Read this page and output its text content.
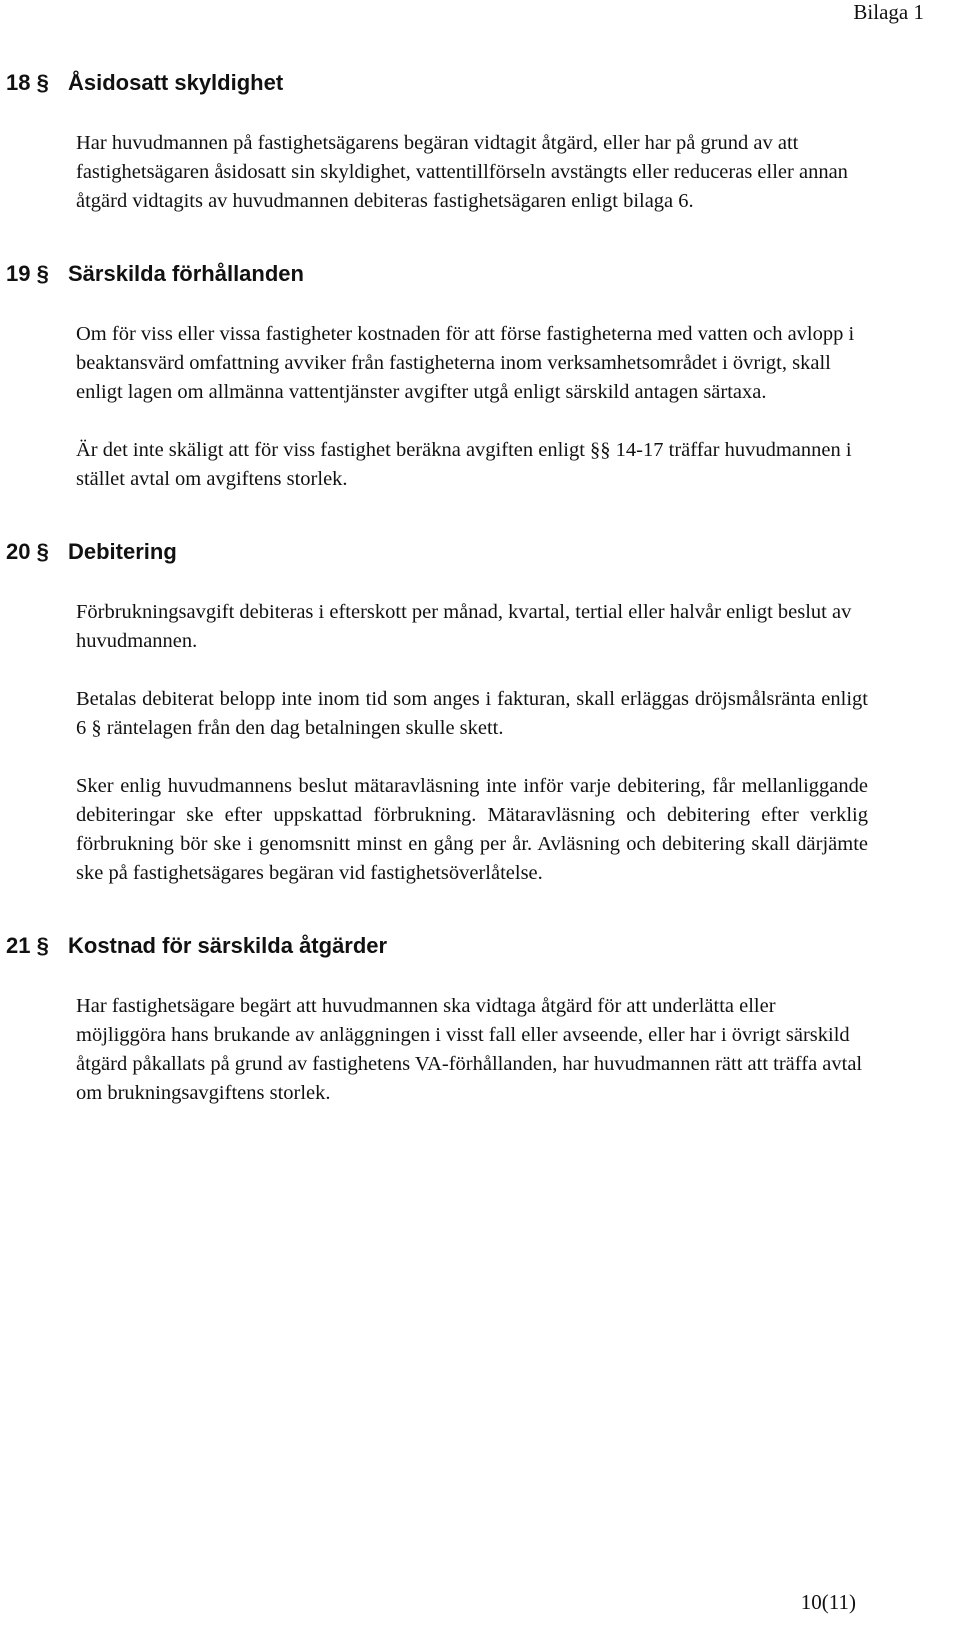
Bilaga 1
18 § Åsidosatt skyldighet
Har huvudmannen på fastighetsägarens begäran vidtagit åtgärd, eller har på grund av att fastighetsägaren åsidosatt sin skyldighet, vattentillförseln avstängts eller reduceras eller annan åtgärd vidtagits av huvudmannen debiteras fastighetsägaren enligt bilaga 6.
19 § Särskilda förhållanden
Om för viss eller vissa fastigheter kostnaden för att förse fastigheterna med vatten och avlopp i beaktansvärd omfattning avviker från fastigheterna inom verksamhetsområdet i övrigt, skall enligt lagen om allmänna vattentjänster avgifter utgå enligt särskild antagen särtaxa.
Är det inte skäligt att för viss fastighet beräkna avgiften enligt §§ 14-17 träffar huvudmannen i stället avtal om avgiftens storlek.
20 § Debitering
Förbrukningsavgift debiteras i efterskott per månad, kvartal, tertial eller halvår enligt beslut av huvudmannen.
Betalas debiterat belopp inte inom tid som anges i fakturan, skall erläggas dröjsmålsränta enligt 6 § räntelagen från den dag betalningen skulle skett.
Sker enlig huvudmannens beslut mätaravläsning inte inför varje debitering, får mellanliggande debiteringar ske efter uppskattad förbrukning. Mätaravläsning och debitering efter verklig förbrukning bör ske i genomsnitt minst en gång per år. Avläsning och debitering skall därjämte ske på fastighetsägares begäran vid fastighetsöverlåtelse.
21 § Kostnad för särskilda åtgärder
Har fastighetsägare begärt att huvudmannen ska vidtaga åtgärd för att underlätta eller möjliggöra hans brukande av anläggningen i visst fall eller avseende, eller har i övrigt särskild åtgärd påkallats på grund av fastighetens VA-förhållanden, har huvudmannen rätt att träffa avtal om brukningsavgiftens storlek.
10(11)
